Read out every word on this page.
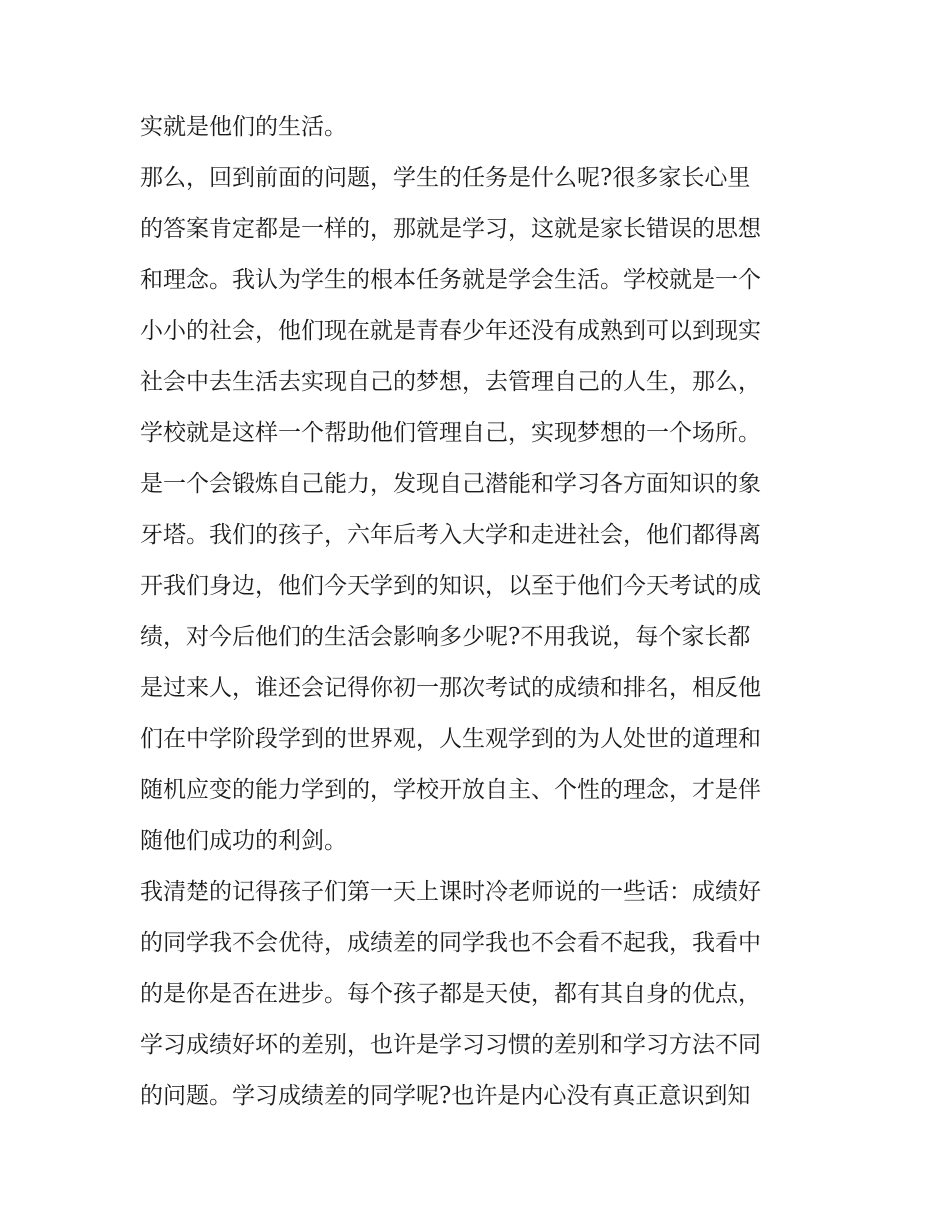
实就是他们的生活。
那么，回到前面的问题，学生的任务是什么呢?很多家长心里
的答案肯定都是一样的，那就是学习，这就是家长错误的思想
和理念。我认为学生的根本任务就是学会生活。学校就是一个
小小的社会，他们现在就是青春少年还没有成熟到可以到现实
社会中去生活去实现自己的梦想，去管理自己的人生，那么，
学校就是这样一个帮助他们管理自己，实现梦想的一个场所。
是一个会锻炼自己能力，发现自己潜能和学习各方面知识的象
牙塔。我们的孩子，六年后考入大学和走进社会，他们都得离
开我们身边，他们今天学到的知识，以至于他们今天考试的成
绩，对今后他们的生活会影响多少呢?不用我说，每个家长都
是过来人，谁还会记得你初一那次考试的成绩和排名，相反他
们在中学阶段学到的世界观，人生观学到的为人处世的道理和
随机应变的能力学到的，学校开放自主、个性的理念，才是伴
随他们成功的利剑。
我清楚的记得孩子们第一天上课时冷老师说的一些话：成绩好
的同学我不会优待，成绩差的同学我也不会看不起我，我看中
的是你是否在进步。每个孩子都是天使，都有其自身的优点，
学习成绩好坏的差别，也许是学习习惯的差别和学习方法不同
的问题。学习成绩差的同学呢?也许是内心没有真正意识到知
